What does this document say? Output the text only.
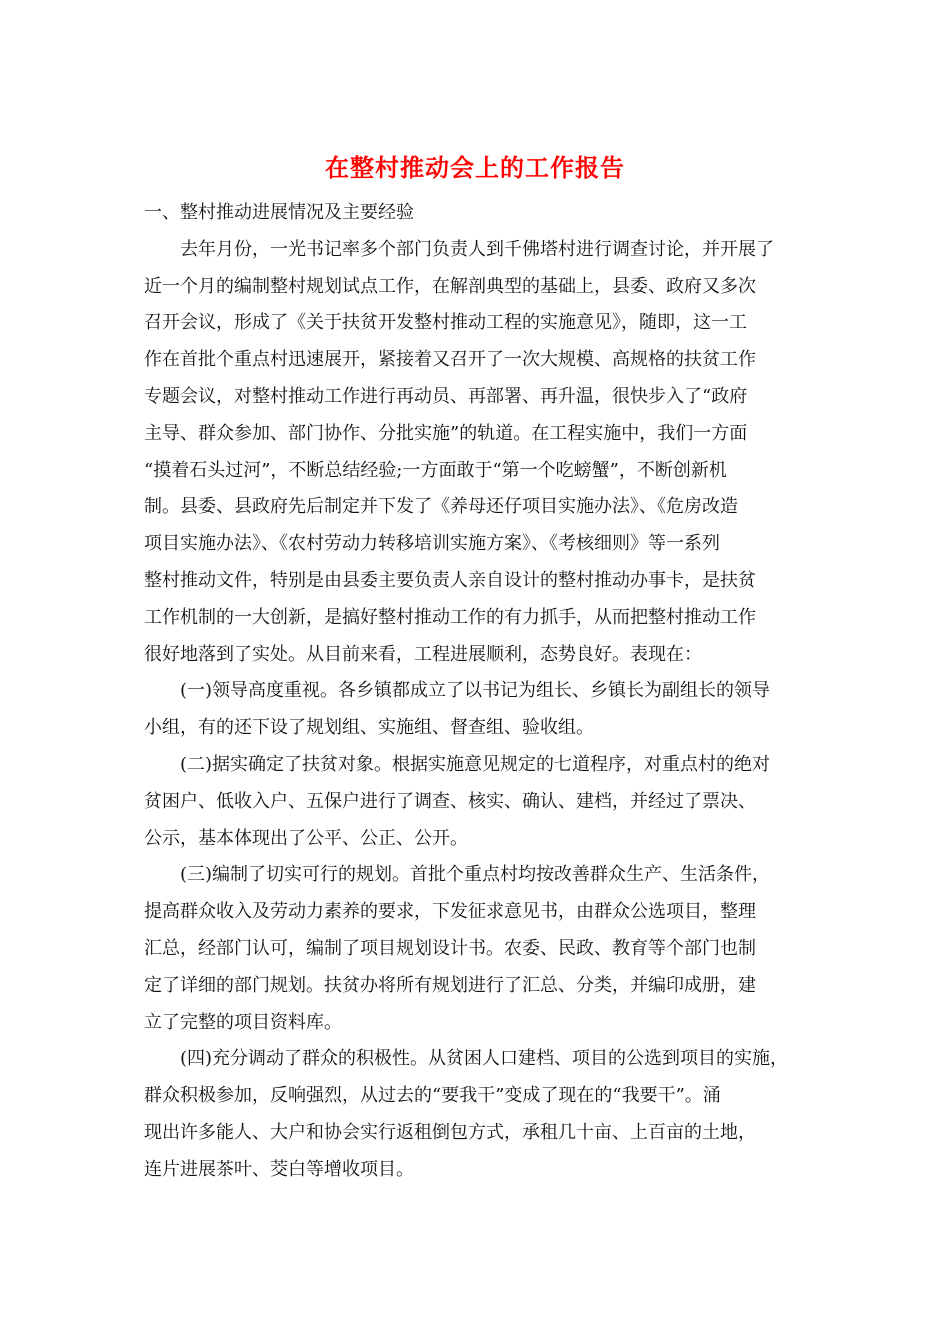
在整村推动会上的工作报告
一、整村推动进展情况及主要经验
去年月份，一光书记率多个部门负责人到千佛塔村进行调查讨论，并开展了
近一个月的编制整村规划试点工作，在解剖典型的基础上，县委、政府又多次
召开会议，形成了《关于扶贫开发整村推动工程的实施意见》，随即，这一工
作在首批个重点村迅速展开，紧接着又召开了一次大规模、高规格的扶贫工作
专题会议，对整村推动工作进行再动员、再部署、再升温，很快步入了“政府
主导、群众参加、部门协作、分批实施”的轨道。在工程实施中，我们一方面
“摸着石头过河”，不断总结经验;一方面敢于“第一个吃螃蟹”，不断创新机
制。县委、县政府先后制定并下发了《养母还仔项目实施办法》、《危房改造
项目实施办法》、《农村劳动力转移培训实施方案》、《考核细则》等一系列
整村推动文件，特别是由县委主要负责人亲自设计的整村推动办事卡，是扶贫
工作机制的一大创新，是搞好整村推动工作的有力抓手，从而把整村推动工作
很好地落到了实处。从目前来看，工程进展顺利，态势良好。表现在：
(一)领导高度重视。各乡镇都成立了以书记为组长、乡镇长为副组长的领导
小组，有的还下设了规划组、实施组、督查组、验收组。
(二)据实确定了扶贫对象。根据实施意见规定的七道程序，对重点村的绝对
贫困户、低收入户、五保户进行了调查、核实、确认、建档，并经过了票决、
公示，基本体现出了公平、公正、公开。
(三)编制了切实可行的规划。首批个重点村均按改善群众生产、生活条件，
提高群众收入及劳动力素养的要求，下发征求意见书，由群众公选项目，整理
汇总，经部门认可，编制了项目规划设计书。农委、民政、教育等个部门也制
定了详细的部门规划。扶贫办将所有规划进行了汇总、分类，并编印成册，建
立了完整的项目资料库。
(四)充分调动了群众的积极性。从贫困人口建档、项目的公选到项目的实施，
群众积极参加，反响强烈，从过去的“要我干”变成了现在的“我要干”。涌
现出许多能人、大户和协会实行返租倒包方式，承租几十亩、上百亩的土地，
连片进展茶叶、茭白等增收项目。
